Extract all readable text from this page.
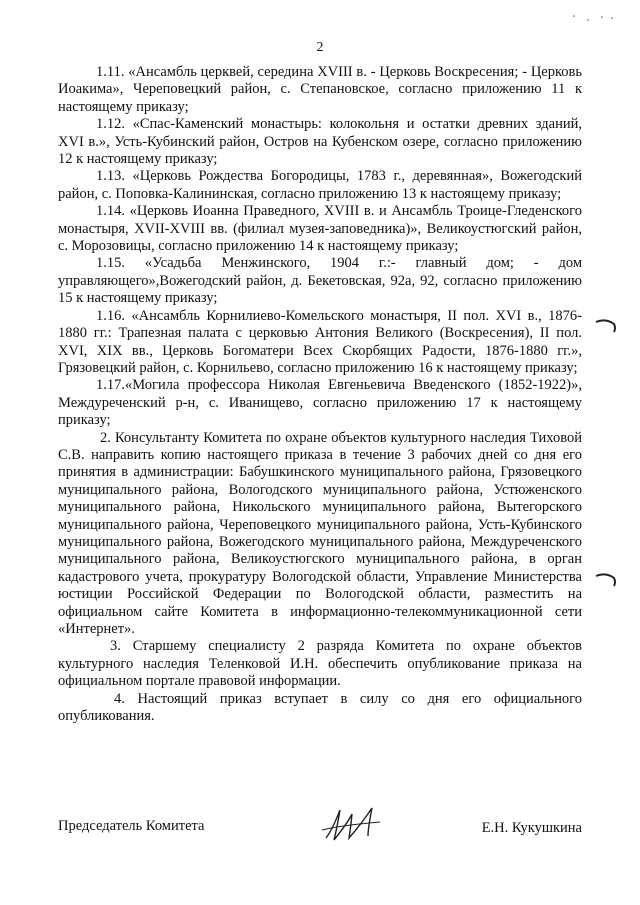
2

1.11. «Ансамбль церквей, середина XVIII в. - Церковь Воскресения; - Церковь Иоакима», Череповецкий район, с. Степановское, согласно приложению 11 к настоящему приказу;

1.12. «Спас-Каменский монастырь: колокольня и остатки древних зданий, XVI в.», Усть-Кубинский район, Остров на Кубенском озере, согласно приложению 12 к настоящему приказу;

1.13. «Церковь Рождества Богородицы, 1783 г., деревянная», Вожегодский район, с. Поповка-Калининская, согласно приложению 13 к настоящему приказу;

1.14. «Церковь Иоанна Праведного, XVIII в. и Ансамбль Троице-Гледенского монастыря, XVII-XVIII вв. (филиал музея-заповедника)», Великоустюгский район, с. Морозовицы, согласно приложению 14 к настоящему приказу;

1.15. «Усадьба Менжинского, 1904 г.:- главный дом; - дом управляющего»,Вожегодский район, д. Бекетовская, 92а, 92, согласно приложению 15 к настоящему приказу;

1.16. «Ансамбль Корнилиево-Комельского монастыря, II пол. XVI в., 1876-1880 гг.: Трапезная палата с церковью Антония Великого (Воскресения), II пол. XVI, XIX вв., Церковь Богоматери Всех Скорбящих Радости, 1876-1880 гг.», Грязовецкий район, с. Корнильево, согласно приложению 16 к настоящему приказу;

1.17.«Могила профессора Николая Евгеньевича Введенского (1852-1922)», Междуреченский р-н, с. Иванищево, согласно приложению 17 к настоящему приказу;

2. Консультанту Комитета по охране объектов культурного наследия Тиховой С.В. направить копию настоящего приказа в течение 3 рабочих дней со дня его принятия в администрации: Бабушкинского муниципального района, Грязовецкого муниципального района, Вологодского муниципального района, Устюженского муниципального района, Никольского муниципального района, Вытегорского муниципального района, Череповецкого муниципального района, Усть-Кубинского муниципального района, Вожегодского муниципального района, Междуреченского муниципального района, Великоустюгского муниципального района, в орган кадастрового учета, прокуратуру Вологодской области, Управление Министерства юстиции Российской Федерации по Вологодской области, разместить на официальном сайте Комитета в информационно-телекоммуникационной сети «Интернет».

3. Старшему специалисту 2 разряда Комитета по охране объектов культурного наследия Теленковой И.Н. обеспечить опубликование приказа на официальном портале правовой информации.

4. Настоящий приказ вступает в силу со дня его официального опубликования.

Председатель Комитета	Е.Н. Кукушкина
